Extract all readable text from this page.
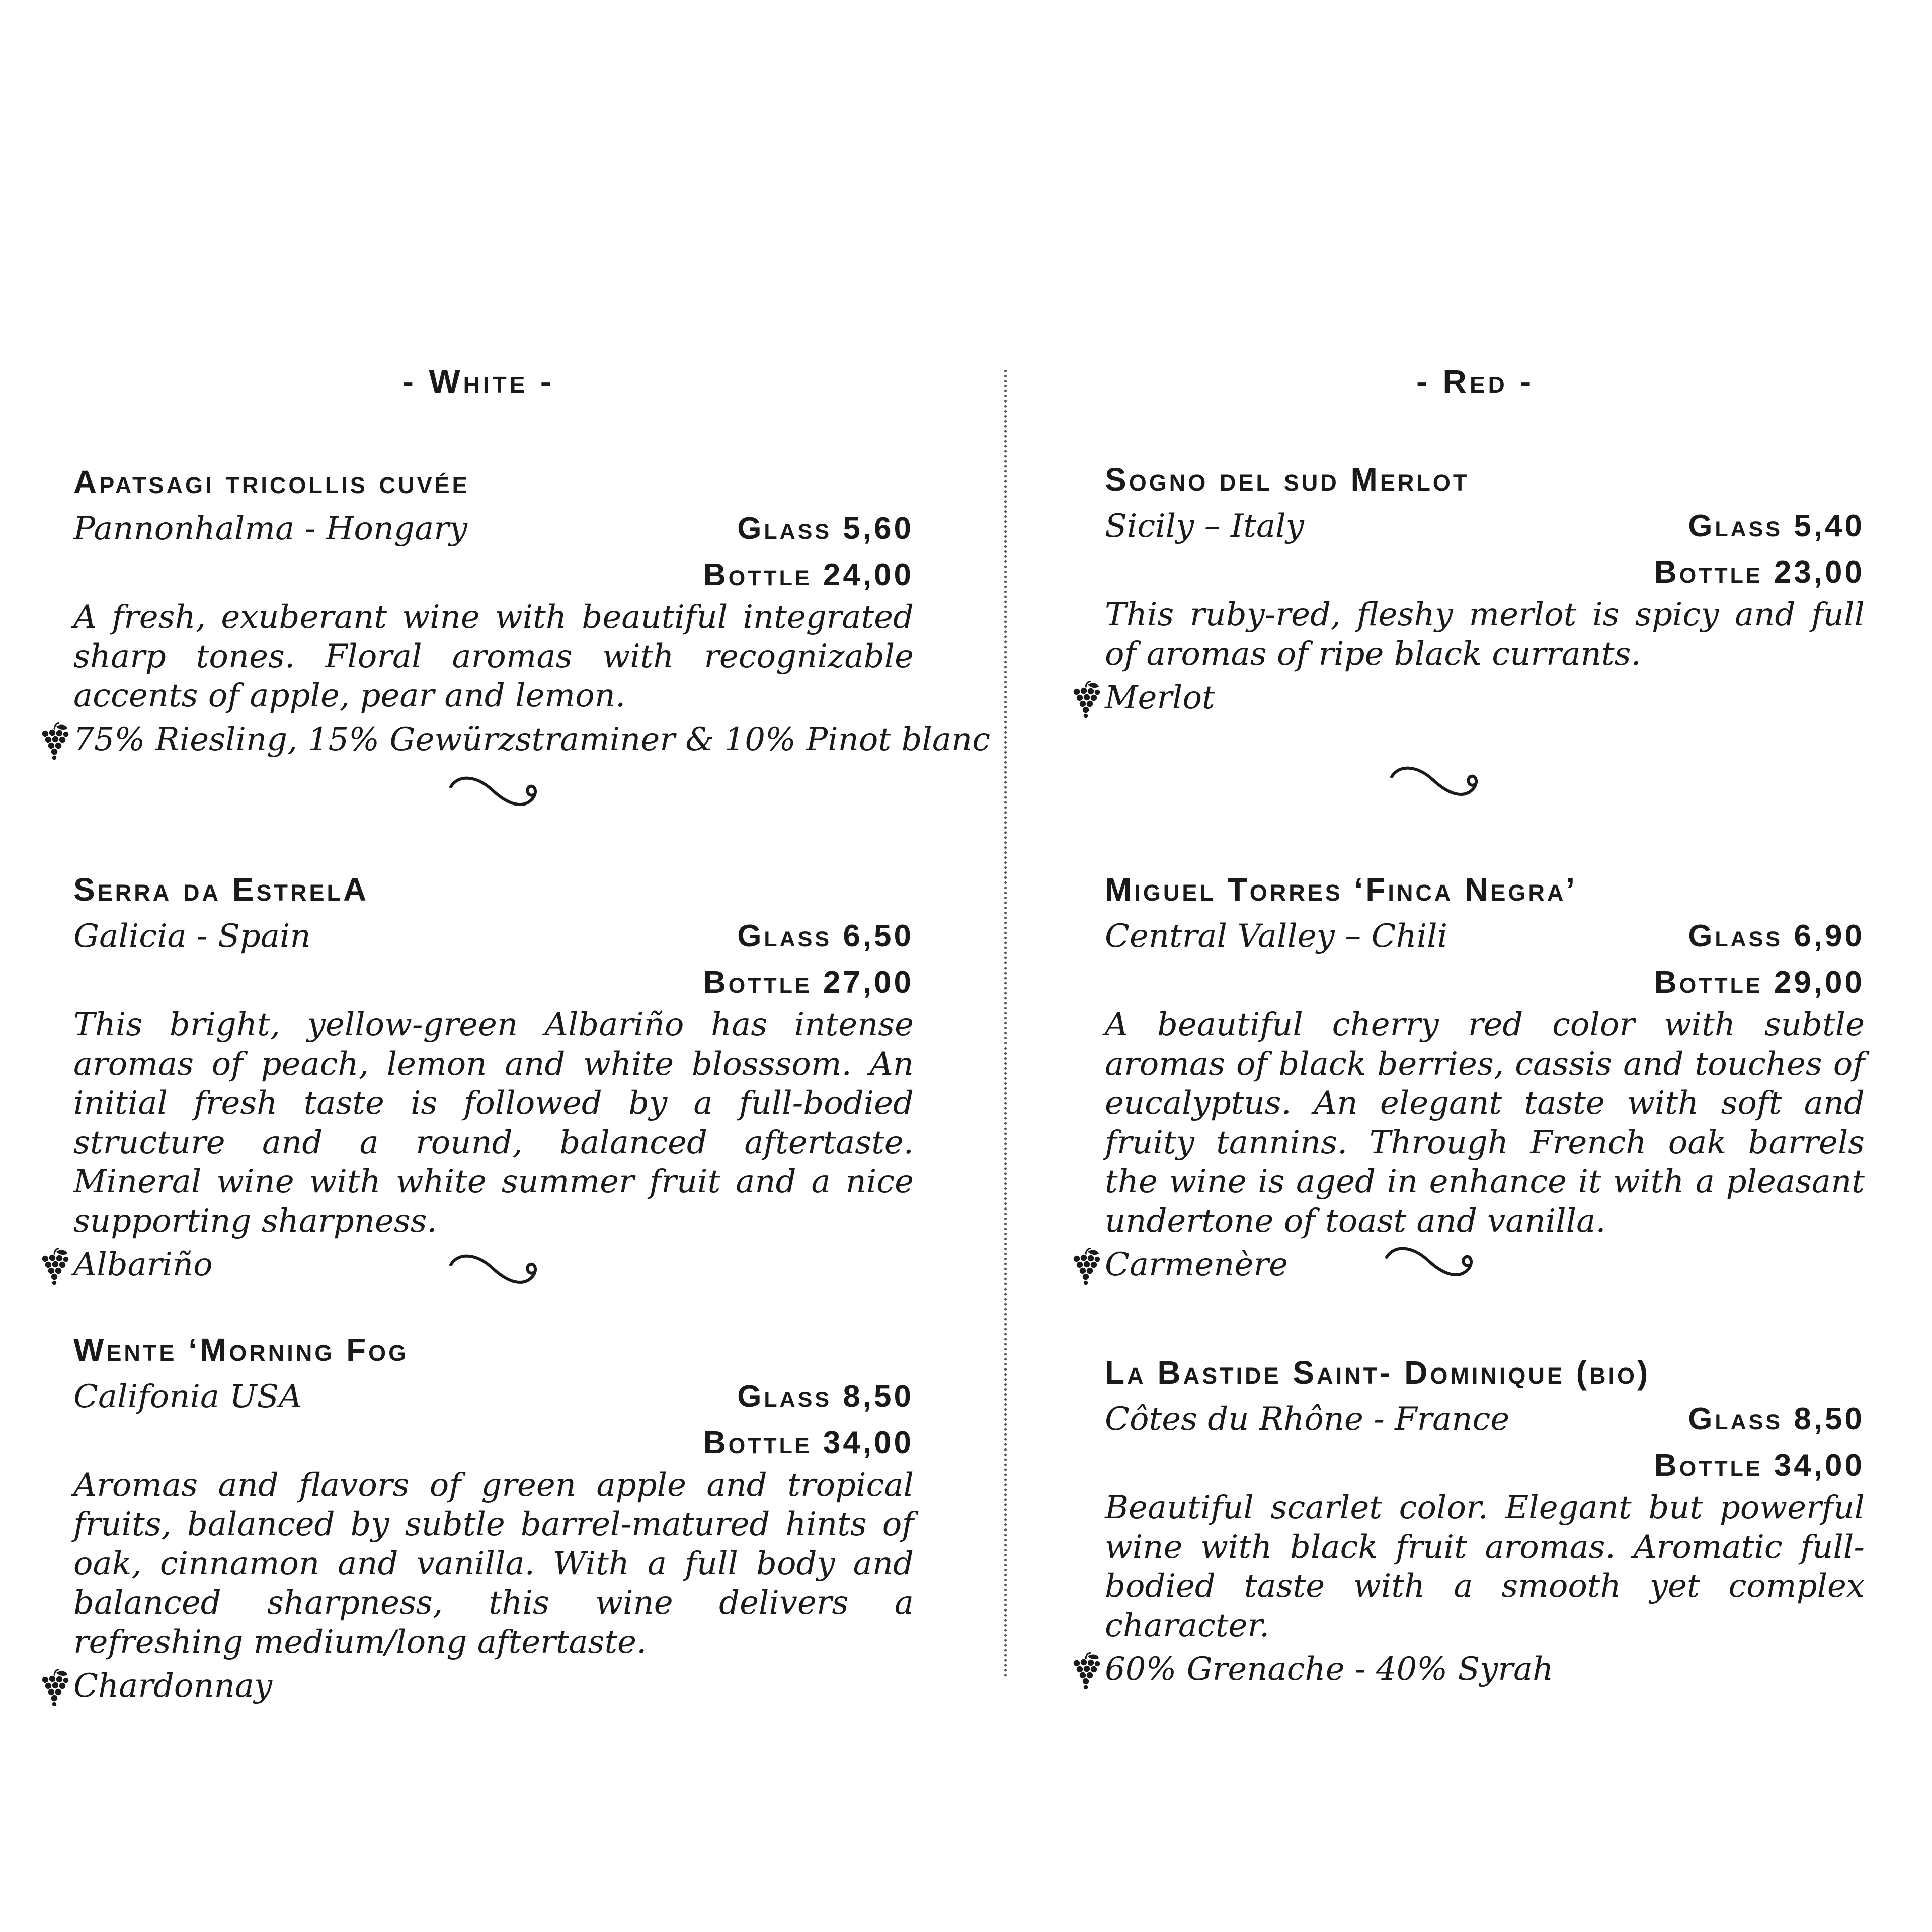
- White -
Apatsagi tricollis cuvée
Pannonhalma - Hongary	Glass 5,60
Bottle 24,00

A fresh, exuberant wine with beautiful integrated sharp tones. Floral aromas with recognizable accents of apple, pear and lemon.

75% Riesling, 15% Gewürzstraminer & 10% Pinot blanc
Serra da EstrelA
Galicia - Spain	Glass 6,50
Bottle 27,00

This bright, yellow-green Albariño has intense aromas of peach, lemon and white blosssom. An initial fresh taste is followed by a full-bodied structure and a round, balanced aftertaste. Mineral wine with white summer fruit and a nice supporting sharpness.

Albariño
Wente ‘Morning Fog
Califonia USA	Glass 8,50
Bottle 34,00

Aromas and flavors of green apple and tropical fruits, balanced by subtle barrel-matured hints of oak, cinnamon and vanilla. With a full body and balanced sharpness, this wine delivers a refreshing medium/long aftertaste.

Chardonnay
- Red -
Sogno del sud Merlot
Sicily – Italy	Glass 5,40
Bottle 23,00

This ruby-red, fleshy merlot is spicy and full of aromas of ripe black currants.

Merlot
Miguel Torres ‘Finca Negra’
Central Valley – Chili	Glass 6,90
Bottle 29,00

A beautiful cherry red color with subtle aromas of black berries, cassis and touches of eucalyptus. An elegant taste with soft and fruity tannins. Through French oak barrels the wine is aged in enhance it with a pleasant undertone of toast and vanilla.

Carmenère
La Bastide Saint- Dominique (bio)
Côtes du Rhône - France	Glass 8,50
Bottle 34,00

Beautiful scarlet color. Elegant but powerful wine with black fruit aromas. Aromatic full-bodied taste with a smooth yet complex character.

60% Grenache - 40% Syrah
